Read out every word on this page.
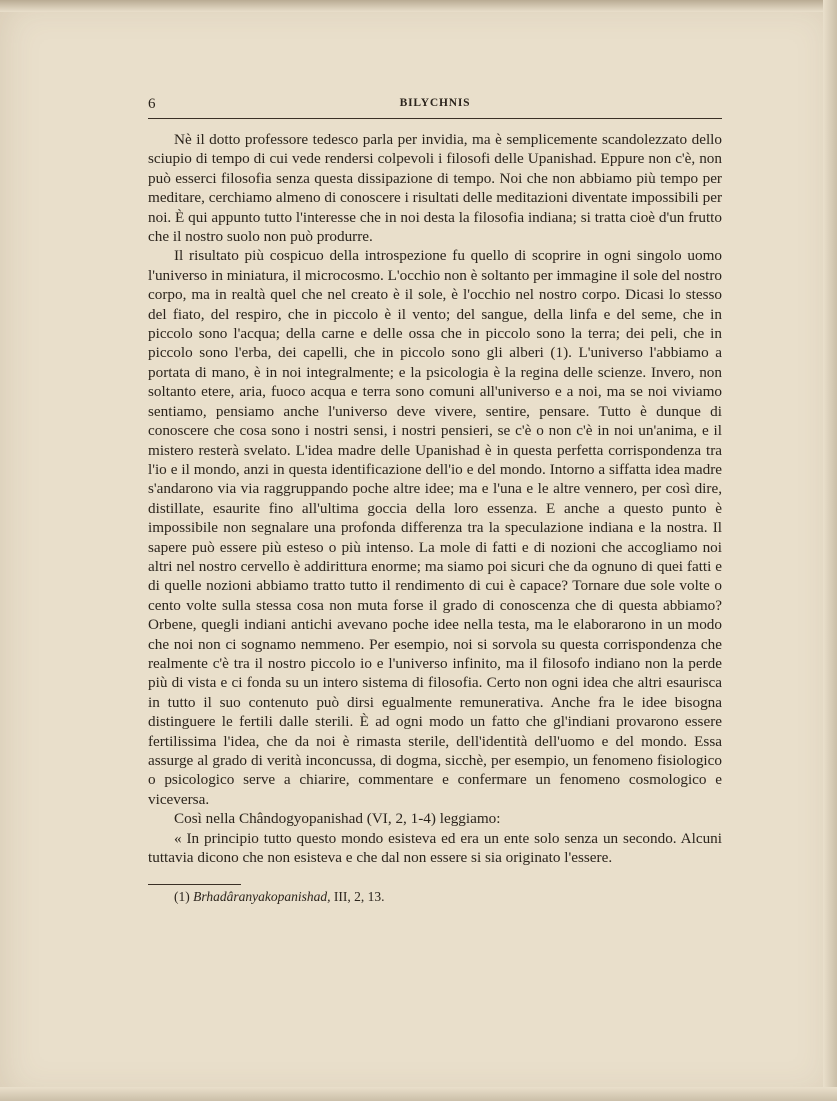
6	BILYCHNIS

Nè il dotto professore tedesco parla per invidia, ma è semplicemente scandolezzato dello sciupio di tempo di cui vede rendersi colpevoli i filosofi delle Upanishad. Eppure non c'è, non può esserci filosofia senza questa dissipazione di tempo. Noi che non abbiamo più tempo per meditare, cerchiamo almeno di conoscere i risultati delle meditazioni diventate impossibili per noi. È qui appunto tutto l'interesse che in noi desta la filosofia indiana; si tratta cioè d'un frutto che il nostro suolo non può produrre.

Il risultato più cospicuo della introspezione fu quello di scoprire in ogni singolo uomo l'universo in miniatura, il microcosmo. L'occhio non è soltanto per immagine il sole del nostro corpo, ma in realtà quel che nel creato è il sole, è l'occhio nel nostro corpo. Dicasi lo stesso del fiato, del respiro, che in piccolo è il vento; del sangue, della linfa e del seme, che in piccolo sono l'acqua; della carne e delle ossa che in piccolo sono la terra; dei peli, che in piccolo sono l'erba, dei capelli, che in piccolo sono gli alberi (1). L'universo l'abbiamo a portata di mano, è in noi integralmente; e la psicologia è la regina delle scienze. Invero, non soltanto etere, aria, fuoco acqua e terra sono comuni all'universo e a noi, ma se noi viviamo sentiamo, pensiamo anche l'universo deve vivere, sentire, pensare. Tutto è dunque di conoscere che cosa sono i nostri sensi, i nostri pensieri, se c'è o non c'è in noi un'anima, e il mistero resterà svelato. L'idea madre delle Upanishad è in questa perfetta corrispondenza tra l'io e il mondo, anzi in questa identificazione dell'io e del mondo. Intorno a siffatta idea madre s'andarono via via raggruppando poche altre idee; ma e l'una e le altre vennero, per così dire, distillate, esaurite fino all'ultima goccia della loro essenza. E anche a questo punto è impossibile non segnalare una profonda differenza tra la speculazione indiana e la nostra. Il sapere può essere più esteso o più intenso. La mole di fatti e di nozioni che accogliamo noi altri nel nostro cervello è addirittura enorme; ma siamo poi sicuri che da ognuno di quei fatti e di quelle nozioni abbiamo tratto tutto il rendimento di cui è capace? Tornare due sole volte o cento volte sulla stessa cosa non muta forse il grado di conoscenza che di questa abbiamo? Orbene, quegli indiani antichi avevano poche idee nella testa, ma le elaborarono in un modo che noi non ci sognamo nemmeno. Per esempio, noi si sorvola su questa corrispondenza che realmente c'è tra il nostro piccolo io e l'universo infinito, ma il filosofo indiano non la perde più di vista e ci fonda su un intero sistema di filosofia. Certo non ogni idea che altri esaurisca in tutto il suo contenuto può dirsi egualmente remunerativa. Anche fra le idee bisogna distinguere le fertili dalle sterili. È ad ogni modo un fatto che gl'indiani provarono essere fertilissima l'idea, che da noi è rimasta sterile, dell'identità dell'uomo e del mondo. Essa assurge al grado di verità inconcussa, di dogma, sicchè, per esempio, un fenomeno fisiologico o psicologico serve a chiarire, commentare e confermare un fenomeno cosmologico e viceversa.

Così nella Chândogyopanishad (VI, 2, 1-4) leggiamo:

« In principio tutto questo mondo esisteva ed era un ente solo senza un secondo. Alcuni tuttavia dicono che non esisteva e che dal non essere si sia originato l'essere.

(1) Brhadâranyakopanishad, III, 2, 13.
